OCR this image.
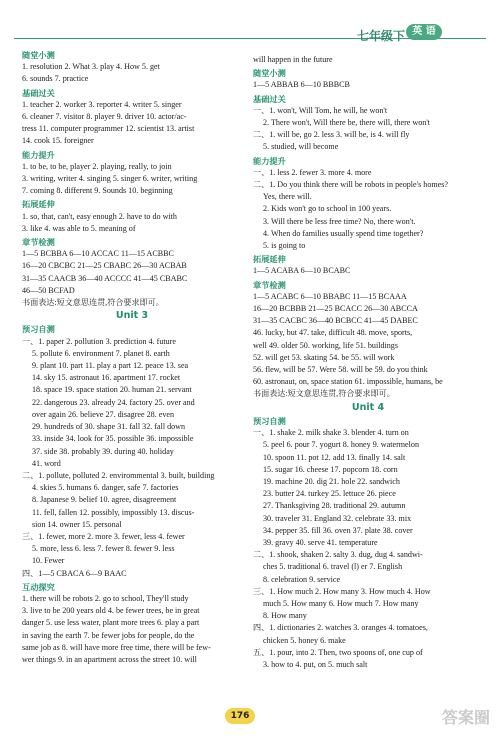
七年级下 英 语
随堂小测
1. resolution 2. What 3. play 4. How 5. get
6. sounds 7. practice
基础过关
1. teacher 2. worker 3. reporter 4. writer 5. singer
6. cleaner 7. visitor 8. player 9. driver 10. actor/ac-
tress 11. computer programmer 12. scientist 13. artist
14. cook 15. foreigner
能力提升
1. to be, to be, player 2. playing, really, to join
3. writing, writer 4. singing 5. singer 6. writer, writing
7. coming 8. different 9. Sounds 10. beginning
拓展延伸
1. so, that, can't, easy enough 2. have to do with
3. like 4. was able to 5. meaning of
章节检测
1—5 BCBBA 6—10 ACCAC 11—15 ACBBC
16—20 CBCBC 21—25 CBABC 26—30 ACBAB
31—35 CAACB 36—40 ACCCC 41—45 CBABC
46—50 BCFAD
书面表达:短文意思连贯,符合要求即可。
Unit 3
预习自测
一、1. paper 2. pollution 3. prediction 4. future
5. pollute 6. environment 7. planet 8. earth
9. plant 10. part 11. play a part 12. peace 13. sea
14. sky 15. astronaut 16. apartment 17. rocket
18. space 19. space station 20. human 21. servant
22. dangerous 23. already 24. factory 25. over and
over again 26. believe 27. disagree 28. even
29. hundreds of 30. shape 31. fall 32. fall down
33. inside 34. look for 35. possible 36. impossible
37. side 38. probably 39. during 40. holiday
41. word
二、1. pollute, polluted 2. envirommental 3. built, building
4. skies 5. humans 6. danger, safe 7. factories
8. Japanese 9. belief 10. agree, disagreement
11. fell, fallen 12. possibly, impossibly 13. discus-
sion 14. owner 15. personal
三、1. fewer, more 2. more 3. fewer, less 4. fewer
5. more, less 6. less 7. fewer 8. fewer 9. less
10. Fewer
四、1—5 CBACA 6—9 BAAC
互动探究
1. there will be robots 2. go to school, They'll study
3. live to be 200 years old 4. be fewer trees, be in great
danger 5. use less water, plant more trees 6. play a part
in saving the earth 7. be fewer jobs for people, do the
same job as 8. will have more free time, there will be few-
wer things 9. in an apartment across the street 10. will
will happen in the future
随堂小测
1—5 ABBAB 6—10 BBBCB
基础过关
一、1. won't, Will Tom, he will, he won't
2. There won't, Will there be, there will, there won't
二、1. will be, go 2. less 3. will be, is 4. will fly
5. studied, will become
能力提升
一、1. less 2. fewer 3. more 4. more
二、1. Do you think there will be robots in people's homes?
Yes, there will.
2. Kids won't go to school in 100 years.
3. Will there be less free time? No, there won't.
4. When do families usually spend time together?
5. is going to
拓展延伸
1—5 ACABA 6—10 BCABC
章节检测
1—5 ACABC 6—10 BBABC 11—15 BCAAA
16—20 BCBBB 21—25 BCACC 26—30 ABCCA
31—35 CACBC 36—40 BCBCC 41—45 DABEC
46. lucky, but 47. take, difficult 48. move, sports,
well 49. older 50. working, life 51. buildings
52. will get 53. skating 54. be 55. will work
56. flew, will be 57. Were 58. will be 59. do you think
60. astronaut, on, space station 61. impossible, humans, be
书面表达:短文意思连贯,符合要求即可。
Unit 4
预习自测
一、1. shake 2. milk shake 3. blender 4. turn on
5. peel 6. pour 7. yogurt 8. honey 9. watermelon
10. spoon 11. pot 12. add 13. finally 14. salt
15. sugar 16. cheese 17. popcorn 18. corn
19. machine 20. dig 21. hole 22. sandwich
23. butter 24. turkey 25. lettuce 26. piece
27. Thanksgiving 28. traditional 29. autumn
30. traveler 31. England 32. celebrate 33. mix
34. pepper 35. fill 36. oven 37. plate 38. cover
39. gravy 40. serve 41. temperature
二、1. shook, shaken 2. salty 3. dug, dug 4. sandwi-
ches 5. traditional 6. travel (l) er 7. English
8. celebration 9. service
三、1. How much 2. How many 3. How much 4. How
much 5. How many 6. How much 7. How many
8. How many
四、1. dictionaries 2. watches 3. oranges 4. tomatoes,
chicken 5. honey 6. make
五、1. pour, into 2. Then, two spoons of, one cup of
3. how to 4. put, on 5. much salt
176	答案圈
